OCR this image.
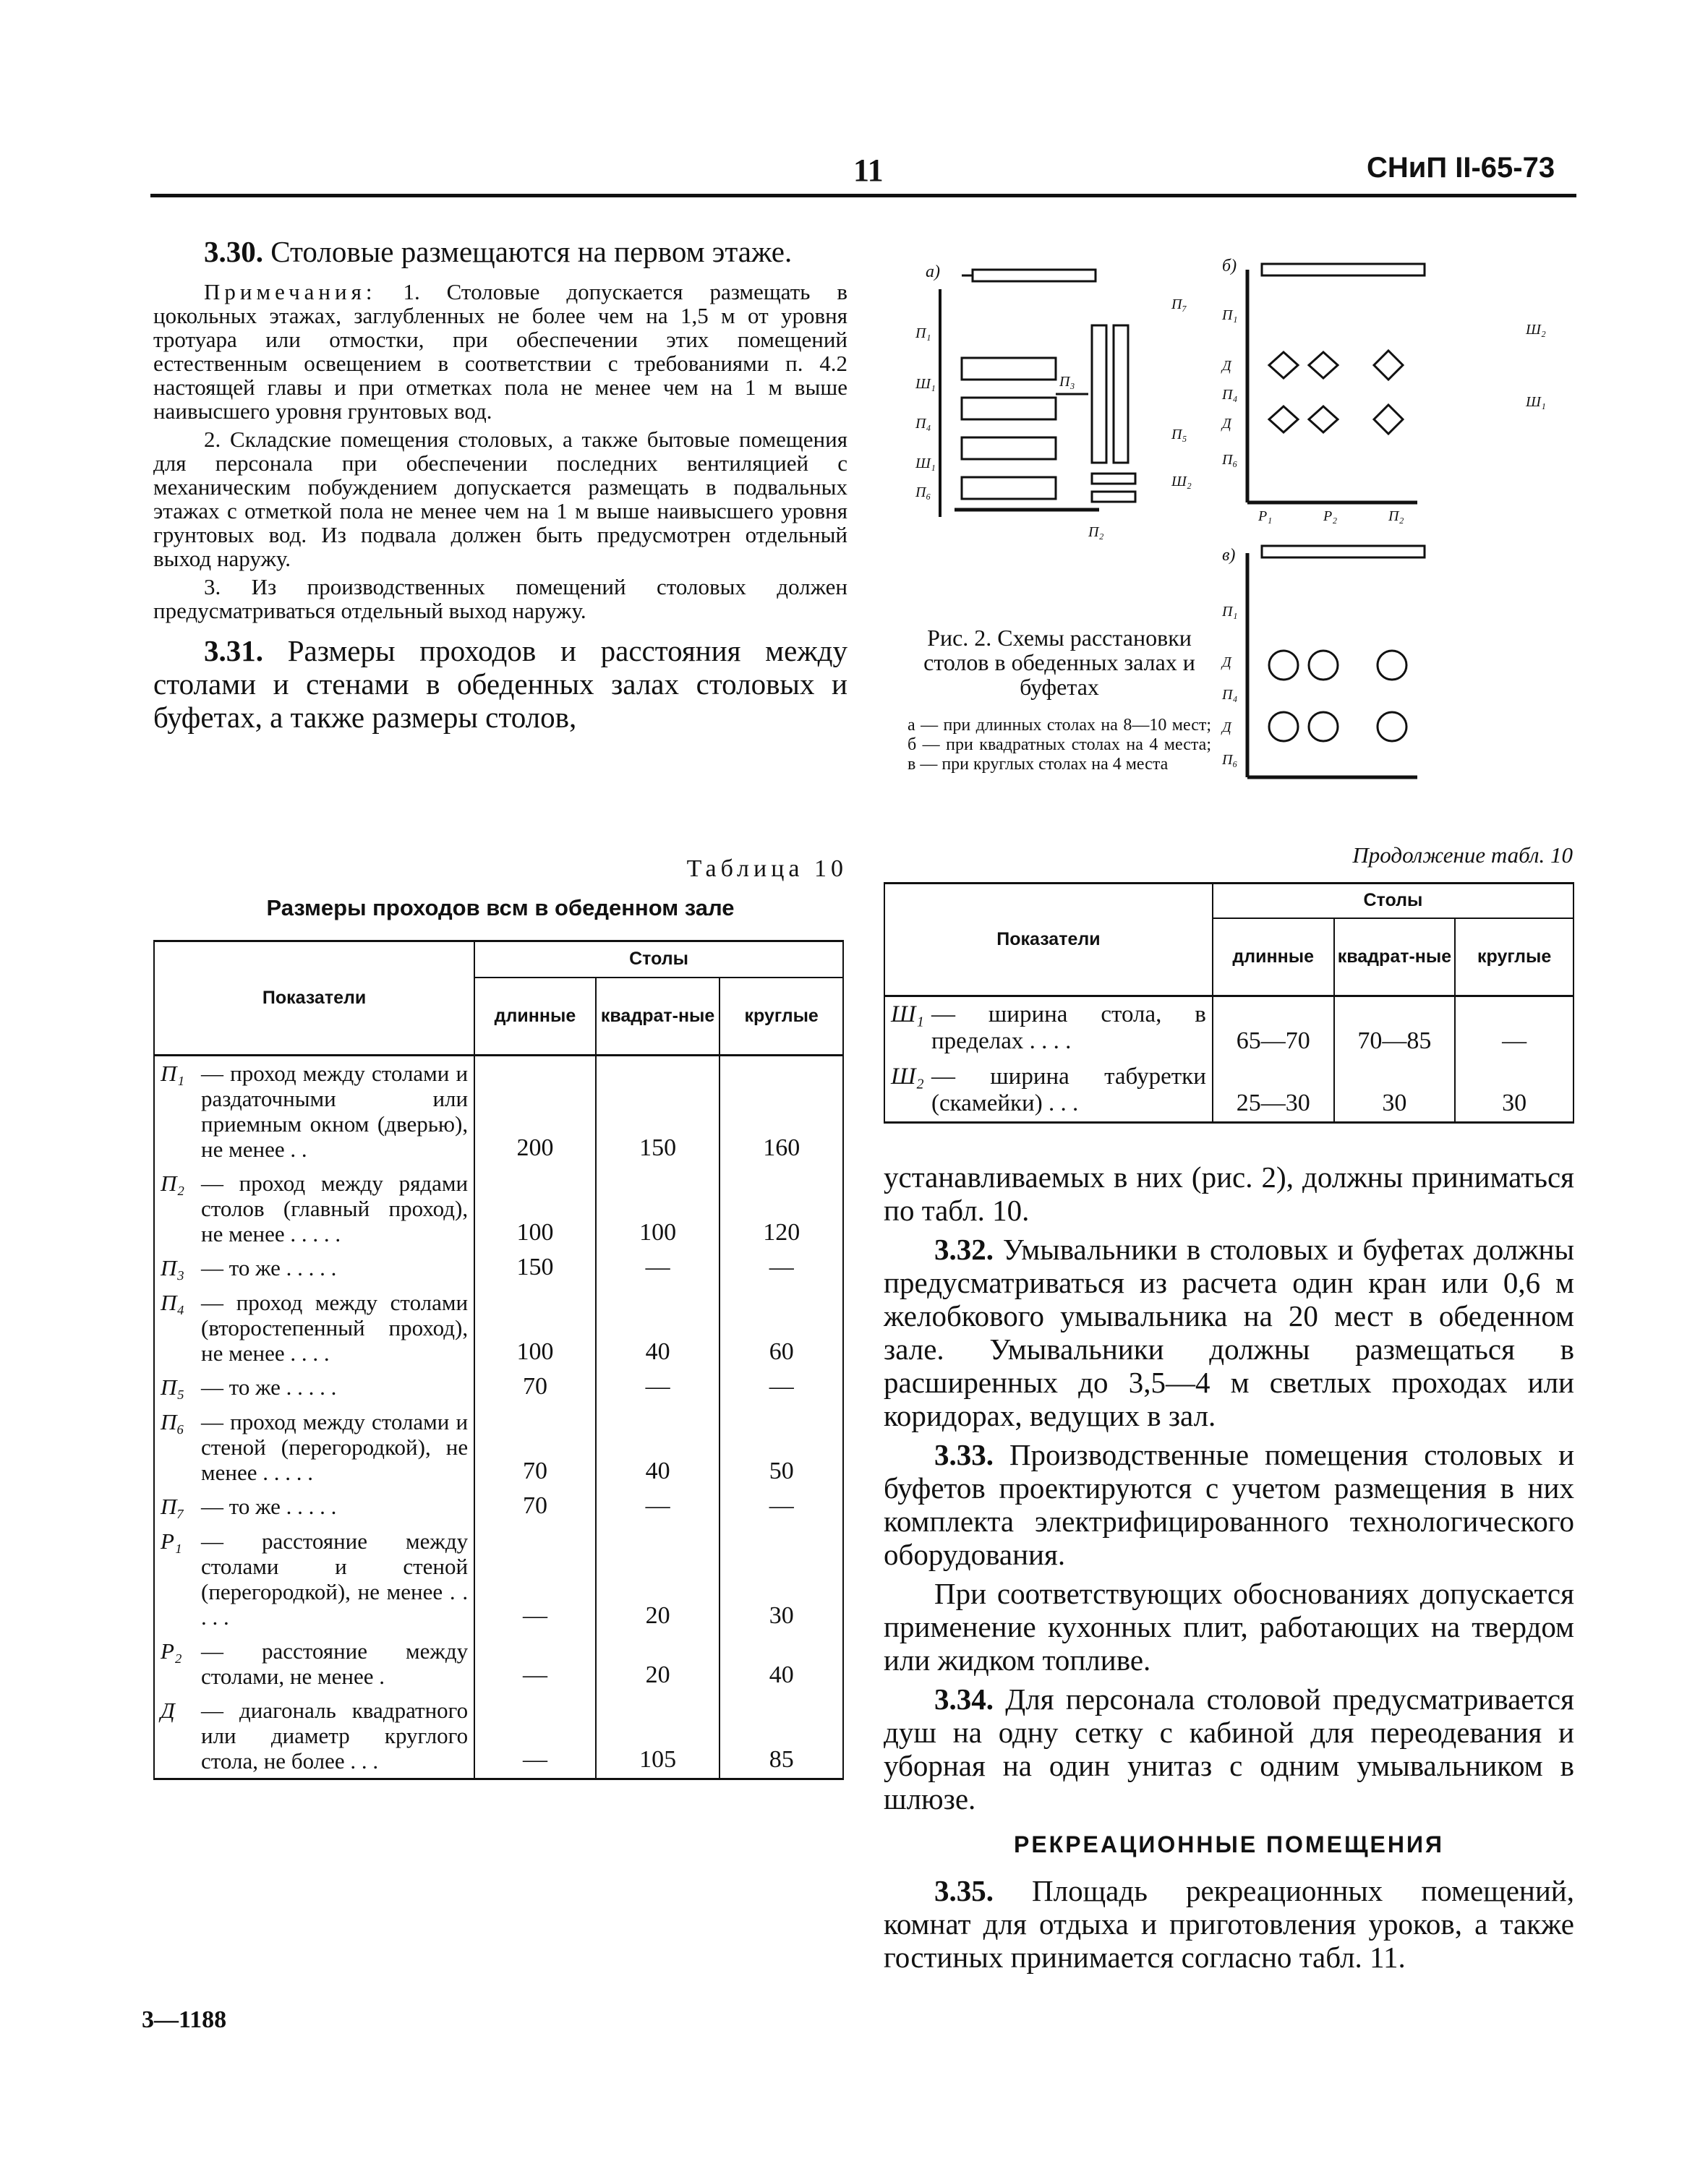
11	СНиП II-65-73

3.30. Столовые размещаются на первом этаже.

Примечания: 1. Столовые допускается размещать в цокольных этажах, заглубленных не более чем на 1,5 м от уровня тротуара или отмостки, при обеспечении этих помещений естественным освещением в соответствии с требованиями п. 4.2 настоящей главы и при отметках пола не менее чем на 1 м выше наивысшего уровня грунтовых вод.

2. Складские помещения столовых, а также бытовые помещения для персонала при обеспечении последних вентиляцией с механическим побуждением допускается размещать в подвальных этажах с отметкой пола не менее чем на 1 м выше наивысшего уровня грунтовых вод. Из подвала должен быть предусмотрен отдельный выход наружу.

3. Из производственных помещений столовых должен предусматриваться отдельный выход наружу.

3.31. Размеры проходов и расстояния между столами и стенами в обеденных залах столовых и буфетах, а также размеры столов,

Таблица 10
Размеры проходов всм в обеденном зале
Показатели	Столы		
	длинные	квадрат-ные	круглые

П₁ — проход между столами и раздаточными или приемным окном (дверью), не менее . .	200	150	160

П₂ — проход между рядами столов (главный проход), не менее . . . . .	100	100	120

П₃ — то же . . . . .	150	—	—

П₄ — проход между столами (второстепенный проход), не менее . . . .	100	40	60

П₅ — то же . . . . .	70	—	—

П₆ — проход между столами и стеной (перегородкой), не менее . . . . .	70	40	50

П₇ — то же . . . . .	70	—	—

P₁ — расстояние между столами и стеной (перегородкой), не менее . . . . .	—	20	30

P₂ — расстояние между столами, не менее .	—	20	40

Д — диагональ квадратного или диаметр круглого стола, не более . . .	—	105	85
а)	б)
в)
П₁
Ш₁
П₄
Ш₁
П₆
П₃
П₇
П₅
Ш₂
П₂
П₁
Д
П₄
Д
П₆
Р₁	Р₂	П₂
Ш₂
Ш₁
П₁
Д
П₄
Д
П₆
Рис. 2. Схемы расстановки столов в обеденных залах и буфетах
а — при длинных столах на 8—10 мест; б — при квадратных столах на 4 места; в — при круглых столах на 4 места
Продолжение табл. 10
Показатели	Столы		
	длинные	квадрат-ные	круглые

Ш₁ — ширина стола, в пределах . . . .	65—70	70—85	—

Ш₂ — ширина табуретки (скамейки) . . .	25—30	30	30

устанавливаемых в них (рис. 2), должны приниматься по табл. 10.

3.32. Умывальники в столовых и буфетах должны предусматриваться из расчета один кран или 0,6 м желобкового умывальника на 20 мест в обеденном зале. Умывальники должны размещаться в расширенных до 3,5—4 м светлых проходах или коридорах, ведущих в зал.

3.33. Производственные помещения столовых и буфетов проектируются с учетом размещения в них комплекта электрифицированного технологического оборудования.

При соответствующих обоснованиях допускается применение кухонных плит, работающих на твердом или жидком топливе.

3.34. Для персонала столовой предусматривается душ на одну сетку с кабиной для переодевания и уборная на один унитаз с одним умывальником в шлюзе.

РЕКРЕАЦИОННЫЕ ПОМЕЩЕНИЯ

3.35. Площадь рекреационных помещений, комнат для отдыха и приготовления уроков, а также гостиных принимается согласно табл. 11.

3—1188
